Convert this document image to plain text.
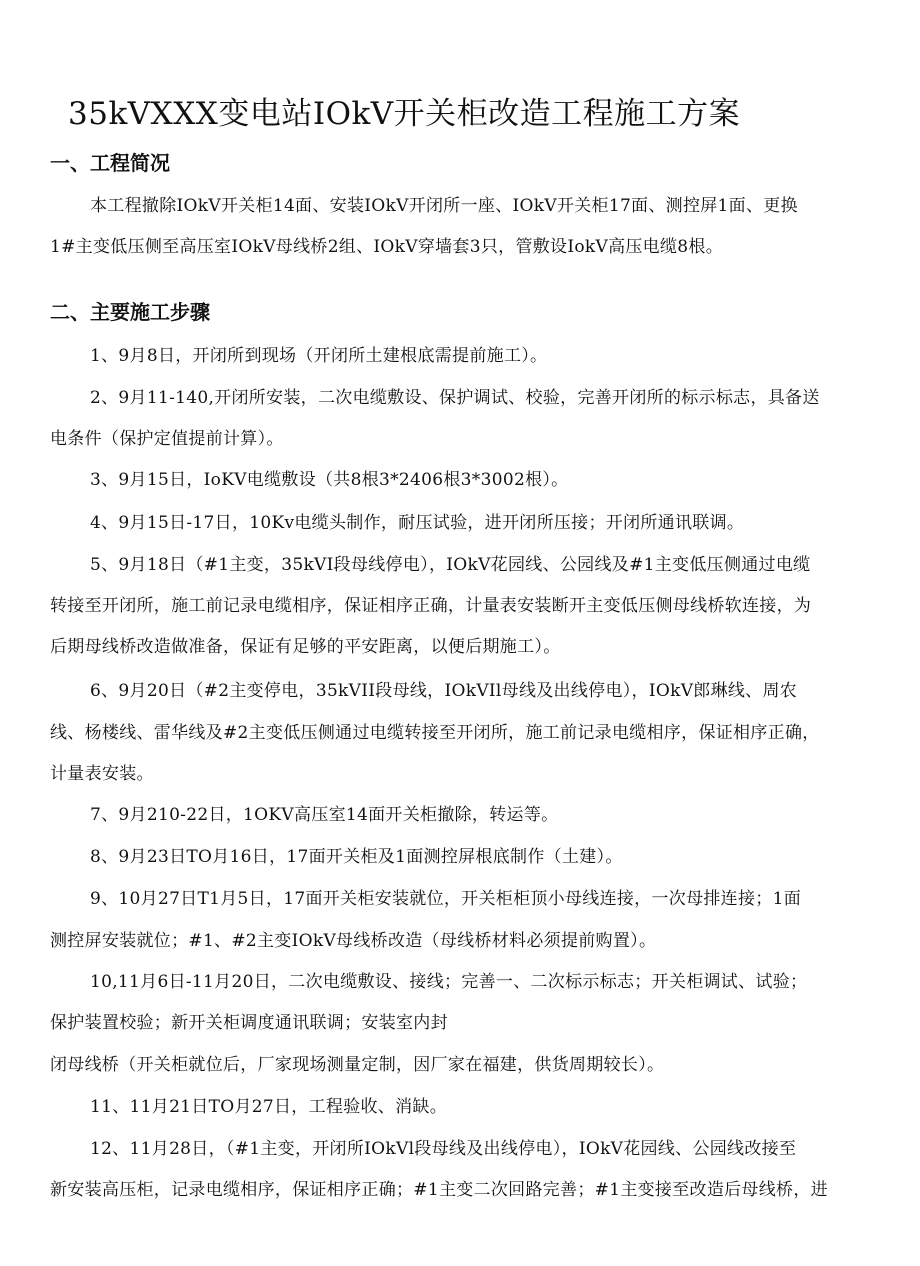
35kVXXX变电站IOkV开关柜改造工程施工方案
一、工程简况
本工程撤除IOkV开关柜14面、安装IOkV开闭所一座、IOkV开关柜17面、测控屏1面、更换
1#主变低压侧至高压室IOkV母线桥2组、IOkV穿墙套3只，管敷设IokV高压电缆8根。
二、主要施工步骤
1、9月8日，开闭所到现场（开闭所土建根底需提前施工）。
2、9月11-140,开闭所安装，二次电缆敷设、保护调试、校验，完善开闭所的标示标志，具备送
电条件（保护定值提前计算）。
3、9月15日，IoKV电缆敷设（共8根3*2406根3*3002根）。
4、9月15日-17日，10Kv电缆头制作，耐压试验，进开闭所压接；开闭所通讯联调。
5、9月18日（#1主变，35kVI段母线停电），IOkV花园线、公园线及#1主变低压侧通过电缆
转接至开闭所，施工前记录电缆相序，保证相序正确，计量表安装断开主变低压侧母线桥软连接，为
后期母线桥改造做准备，保证有足够的平安距离，以便后期施工）。
6、9月20日（#2主变停电，35kVII段母线，IOkVIl母线及出线停电），IOkV郎琳线、周农
线、杨楼线、雷华线及#2主变低压侧通过电缆转接至开闭所，施工前记录电缆相序，保证相序正确，
计量表安装。
7、9月210-22日，1OKV高压室14面开关柜撤除，转运等。
8、9月23日TO月16日，17面开关柜及1面测控屏根底制作（土建）。
9、10月27日T1月5日，17面开关柜安装就位，开关柜柜顶小母线连接，一次母排连接；1面
测控屏安装就位；#1、#2主变IOkV母线桥改造（母线桥材料必须提前购置）。
10,11月6日-11月20日，二次电缆敷设、接线；完善一、二次标示标志；开关柜调试、试验；
保护装置校验；新开关柜调度通讯联调；安装室内封
闭母线桥（开关柜就位后，厂家现场测量定制，因厂家在福建，供货周期较长）。
11、11月21日TO月27日，工程验收、消缺。
12、11月28日，（#1主变，开闭所IOkVl段母线及出线停电），IOkV花园线、公园线改接至
新安装高压柜，记录电缆相序，保证相序正确；#1主变二次回路完善；#1主变接至改造后母线桥，进
